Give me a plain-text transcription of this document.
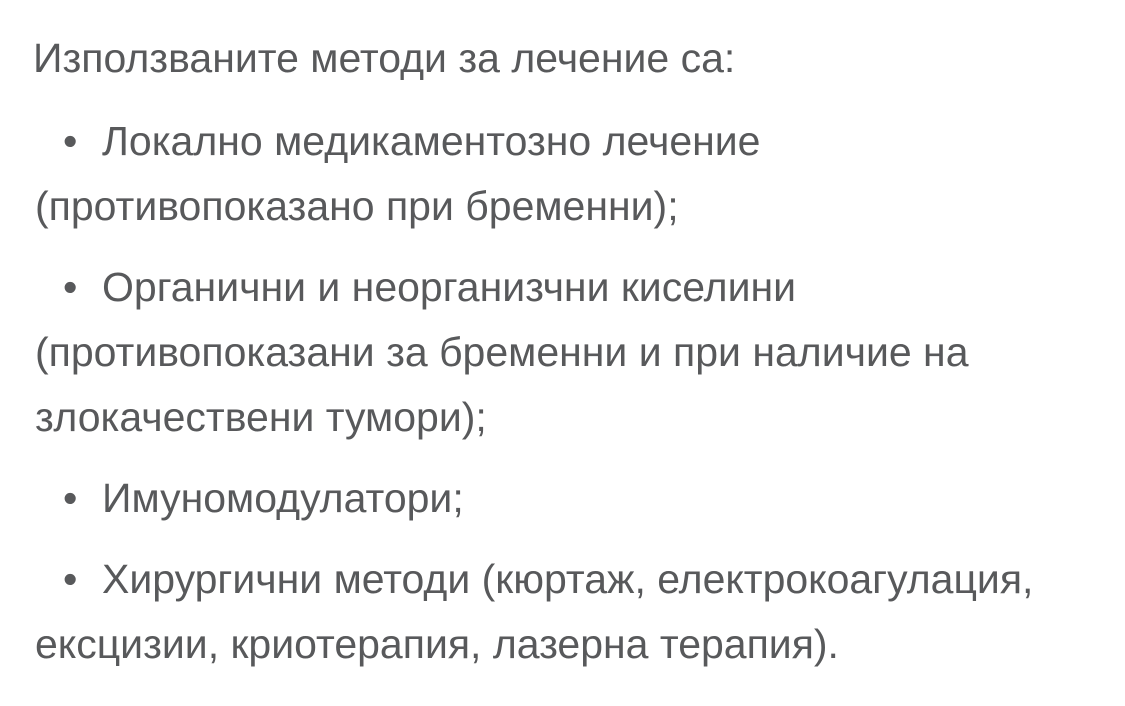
Използваните методи за лечение са:

• Локално медикаментозно лечение (противопоказано при бременни);

• Органични и неорганизчни киселини (противопоказани за бременни и при наличие на злокачествени тумори);

• Имуномодулатори;

• Хирургични методи (кюртаж, електрокоагулация, ексцизии, криотерапия, лазерна терапия).
